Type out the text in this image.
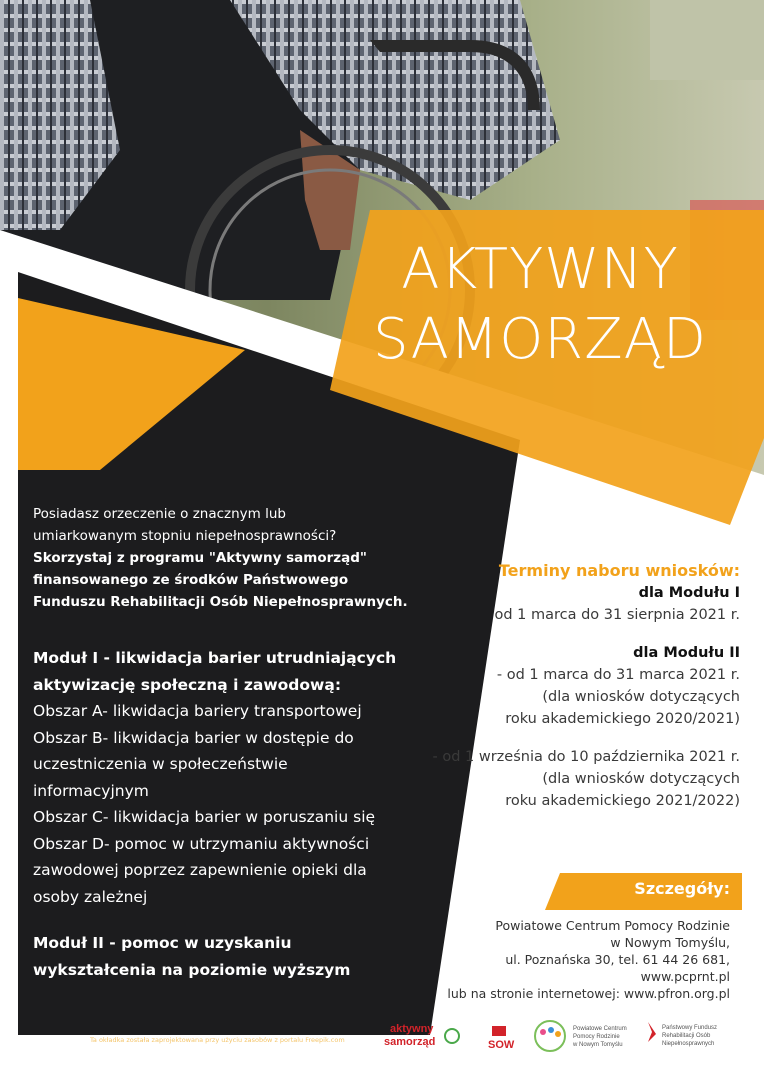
AKTYWNY
SAMORZĄD

Posiadasz orzeczenie o znacznym lub

umiarkowanym stopniu niepełnosprawności?

Skorzystaj z programu "Aktywny samorząd"

finansowanego ze środków Państwowego

Funduszu Rehabilitacji Osób Niepełnosprawnych.

Moduł I - likwidacja barier utrudniających

aktywizację społeczną i zawodową:

Obszar A- likwidacja bariery transportowej

Obszar B- likwidacja barier w dostępie do

uczestniczenia w społeczeństwie

informacyjnym

Obszar C- likwidacja barier w poruszaniu się

Obszar D- pomoc w utrzymaniu aktywności

zawodowej poprzez zapewnienie opieki dla

osoby zależnej

Moduł II - pomoc w uzyskaniu

wykształcenia na poziomie wyższym

Terminy naboru wniosków:

dla Modułu I

od 1 marca do 31 sierpnia 2021 r.

dla Modułu II

- od 1 marca do 31 marca 2021 r.

(dla wniosków dotyczących

roku akademickiego 2020/2021)

- od 1 września do 10 października 2021 r.

(dla wniosków dotyczących

roku akademickiego 2021/2022)

Szczegóły:

Powiatowe Centrum Pomocy Rodzinie

w Nowym Tomyślu,

ul. Poznańska 30, tel. 61 44 26 681,

www.pcprnt.pl

lub na stronie internetowej: www.pfron.org.pl

Ta okładka została zaprojektowana przy użyciu zasobów z portalu Freepik.com
aktywny
samorząd	SOW
Powiatowe Centrum
Pomocy Rodzinie
w Nowym Tomyślu
Państwowy Fundusz
Rehabilitacji Osób
Niepełnosprawnych
